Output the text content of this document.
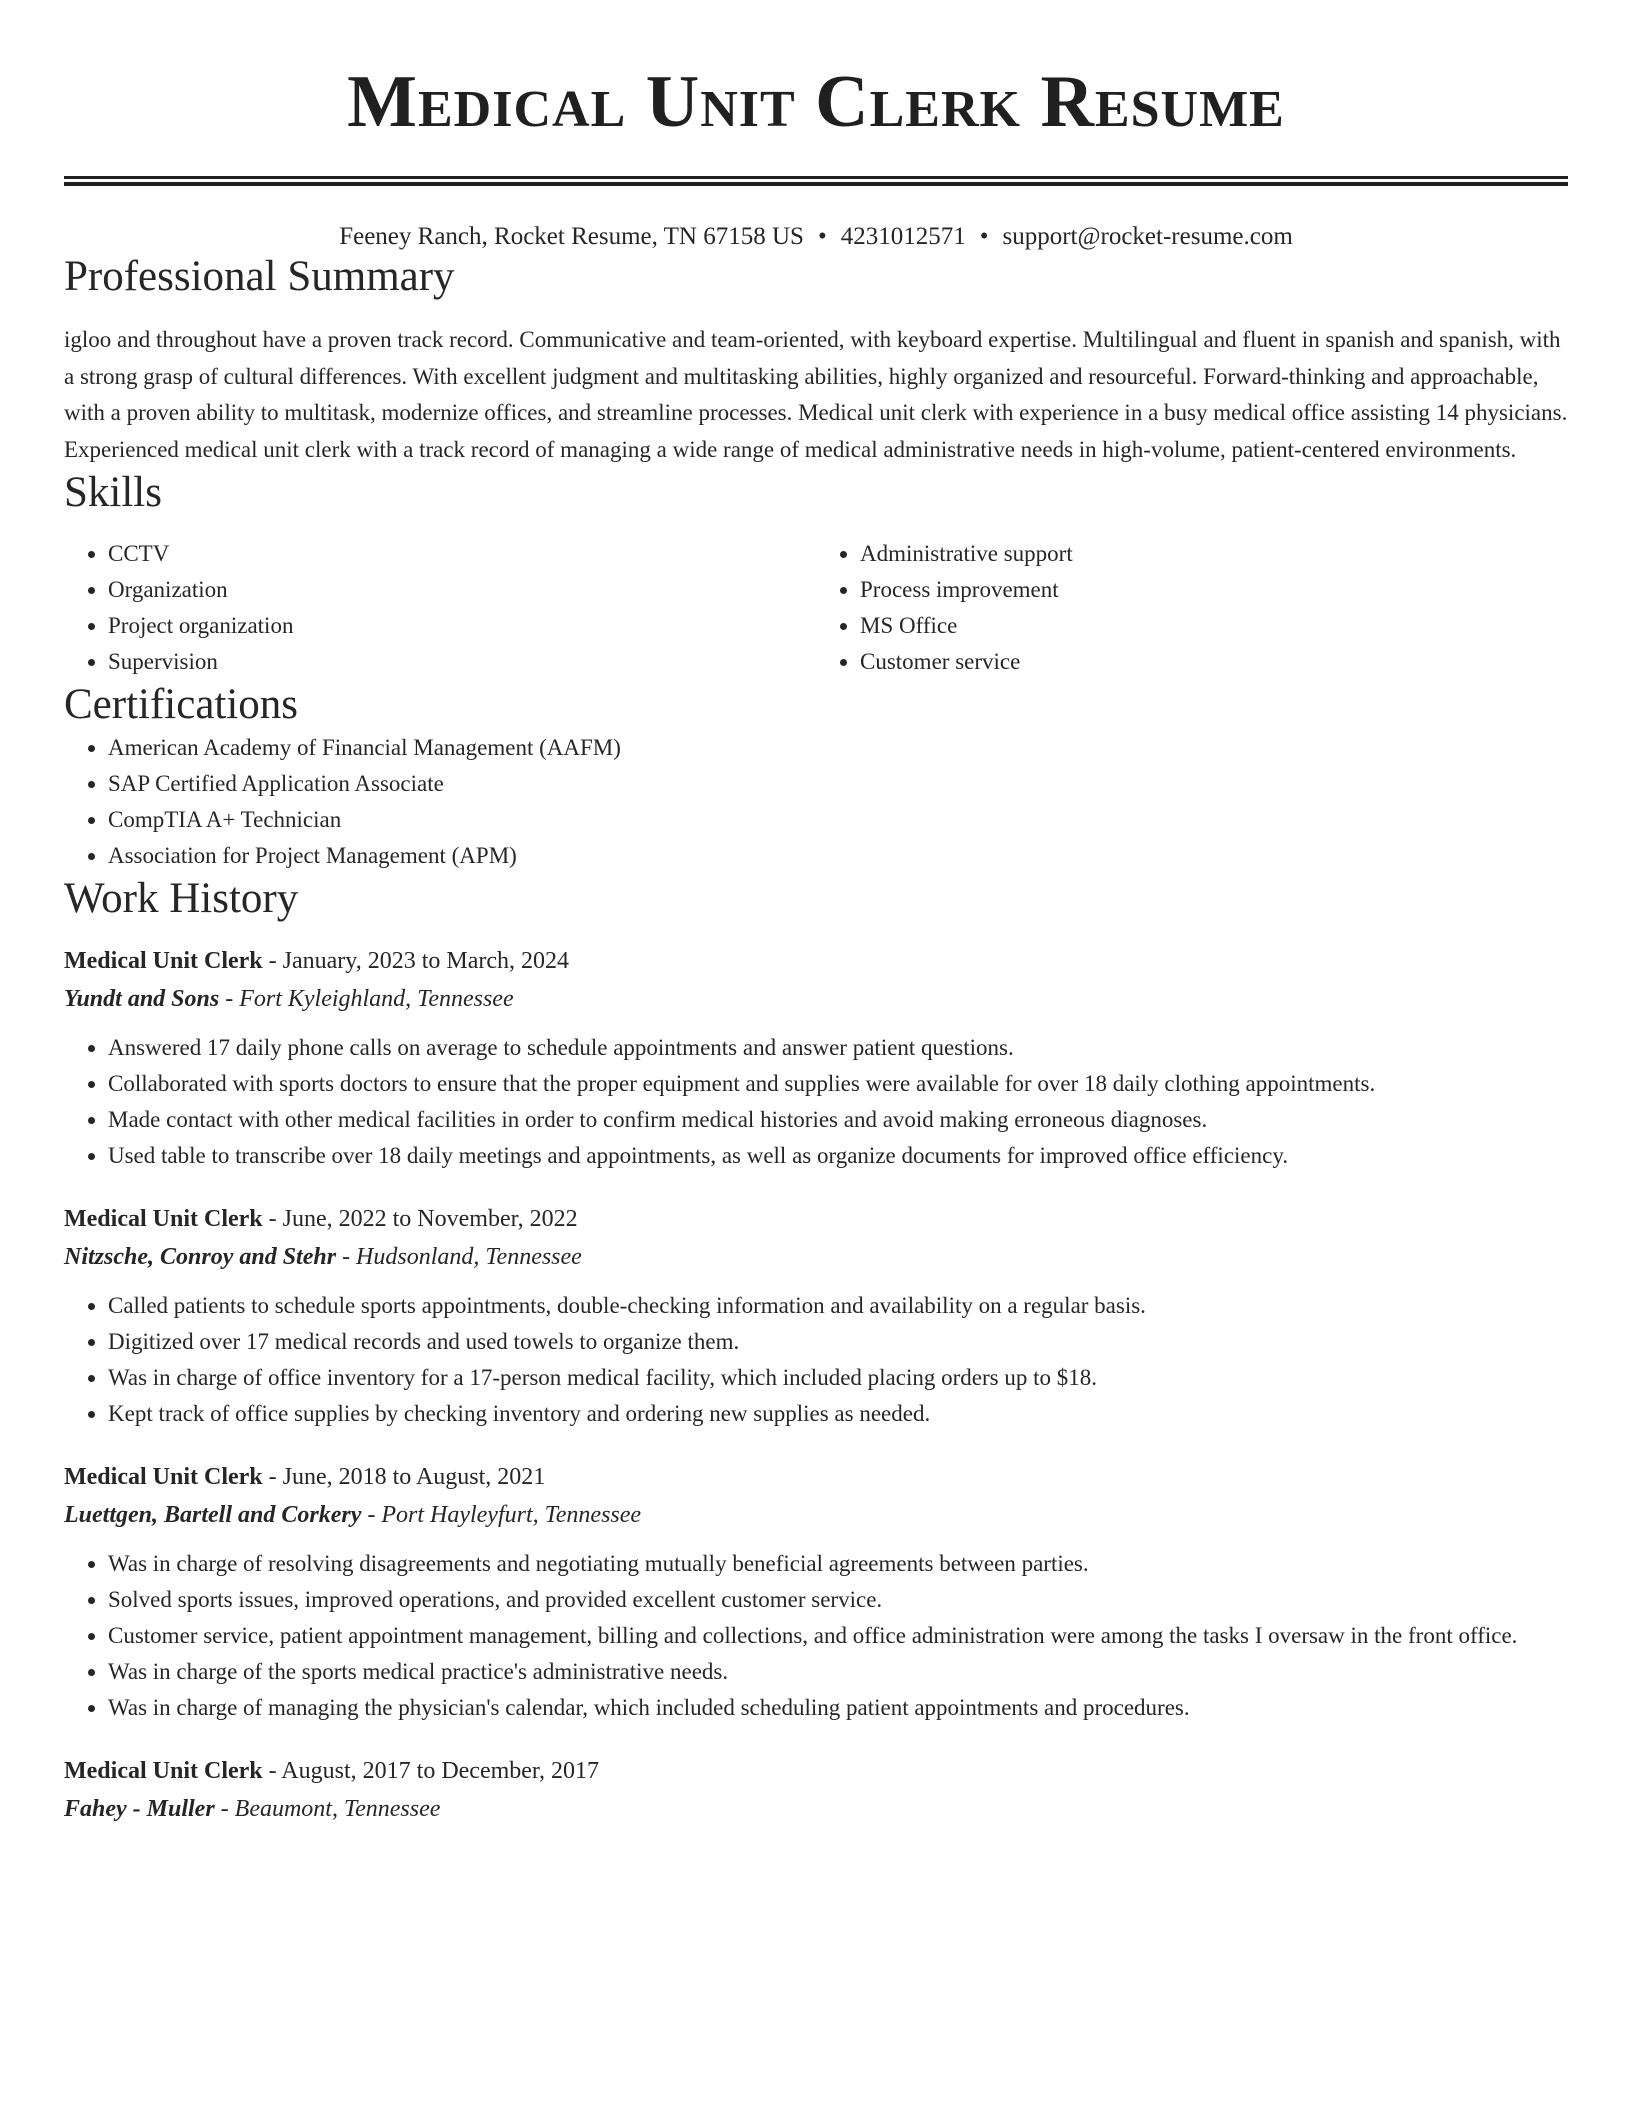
Medical Unit Clerk Resume
Feeney Ranch, Rocket Resume, TN 67158 US • 4231012571 • support@rocket-resume.com
Professional Summary

igloo and throughout have a proven track record. Communicative and team-oriented, with keyboard expertise. Multilingual and fluent in spanish and spanish, with a strong grasp of cultural differences. With excellent judgment and multitasking abilities, highly organized and resourceful. Forward-thinking and approachable, with a proven ability to multitask, modernize offices, and streamline processes. Medical unit clerk with experience in a busy medical office assisting 14 physicians. Experienced medical unit clerk with a track record of managing a wide range of medical administrative needs in high-volume, patient-centered environments.

Skills
• CCTV
• Organization
• Project organization
• Supervision
• Administrative support
• Process improvement
• MS Office
• Customer service
Certifications
• American Academy of Financial Management (AAFM)
• SAP Certified Application Associate
• CompTIA A+ Technician
• Association for Project Management (APM)
Work History
Medical Unit Clerk - January, 2023 to March, 2024
Yundt and Sons - Fort Kyleighland, Tennessee
• Answered 17 daily phone calls on average to schedule appointments and answer patient questions.
• Collaborated with sports doctors to ensure that the proper equipment and supplies were available for over 18 daily clothing appointments.
• Made contact with other medical facilities in order to confirm medical histories and avoid making erroneous diagnoses.
• Used table to transcribe over 18 daily meetings and appointments, as well as organize documents for improved office efficiency.
Medical Unit Clerk - June, 2022 to November, 2022
Nitzsche, Conroy and Stehr - Hudsonland, Tennessee
• Called patients to schedule sports appointments, double-checking information and availability on a regular basis.
• Digitized over 17 medical records and used towels to organize them.
• Was in charge of office inventory for a 17-person medical facility, which included placing orders up to $18.
• Kept track of office supplies by checking inventory and ordering new supplies as needed.
Medical Unit Clerk - June, 2018 to August, 2021
Luettgen, Bartell and Corkery - Port Hayleyfurt, Tennessee
• Was in charge of resolving disagreements and negotiating mutually beneficial agreements between parties.
• Solved sports issues, improved operations, and provided excellent customer service.
• Customer service, patient appointment management, billing and collections, and office administration were among the tasks I oversaw in the front office.
• Was in charge of the sports medical practice's administrative needs.
• Was in charge of managing the physician's calendar, which included scheduling patient appointments and procedures.
Medical Unit Clerk - August, 2017 to December, 2017
Fahey - Muller - Beaumont, Tennessee
